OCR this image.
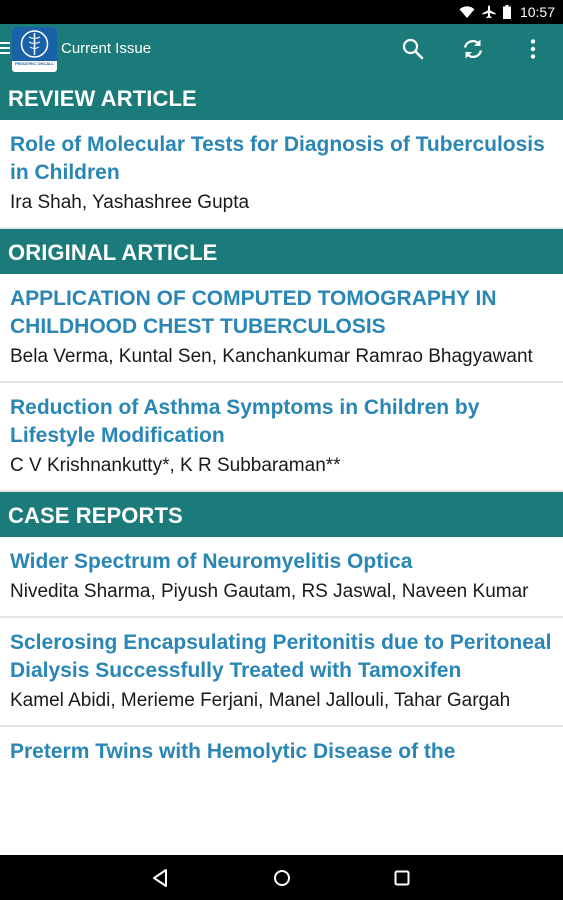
10:57
PEDIATRIC ONCALL
Current Issue
REVIEW ARTICLE
Role of Molecular Tests for Diagnosis of Tuberculosis in Children
Ira Shah, Yashashree Gupta
ORIGINAL ARTICLE
APPLICATION OF COMPUTED TOMOGRAPHY IN CHILDHOOD CHEST TUBERCULOSIS
Bela Verma, Kuntal Sen, Kanchankumar Ramrao Bhagyawant
Reduction of Asthma Symptoms in Children by Lifestyle Modification
C V Krishnankutty*, K R Subbaraman**
CASE REPORTS
Wider Spectrum of Neuromyelitis Optica
Nivedita Sharma, Piyush Gautam, RS Jaswal, Naveen Kumar
Sclerosing Encapsulating Peritonitis due to Peritoneal Dialysis Successfully Treated with Tamoxifen
Kamel Abidi, Merieme Ferjani, Manel Jallouli, Tahar Gargah
Preterm Twins with Hemolytic Disease of the
